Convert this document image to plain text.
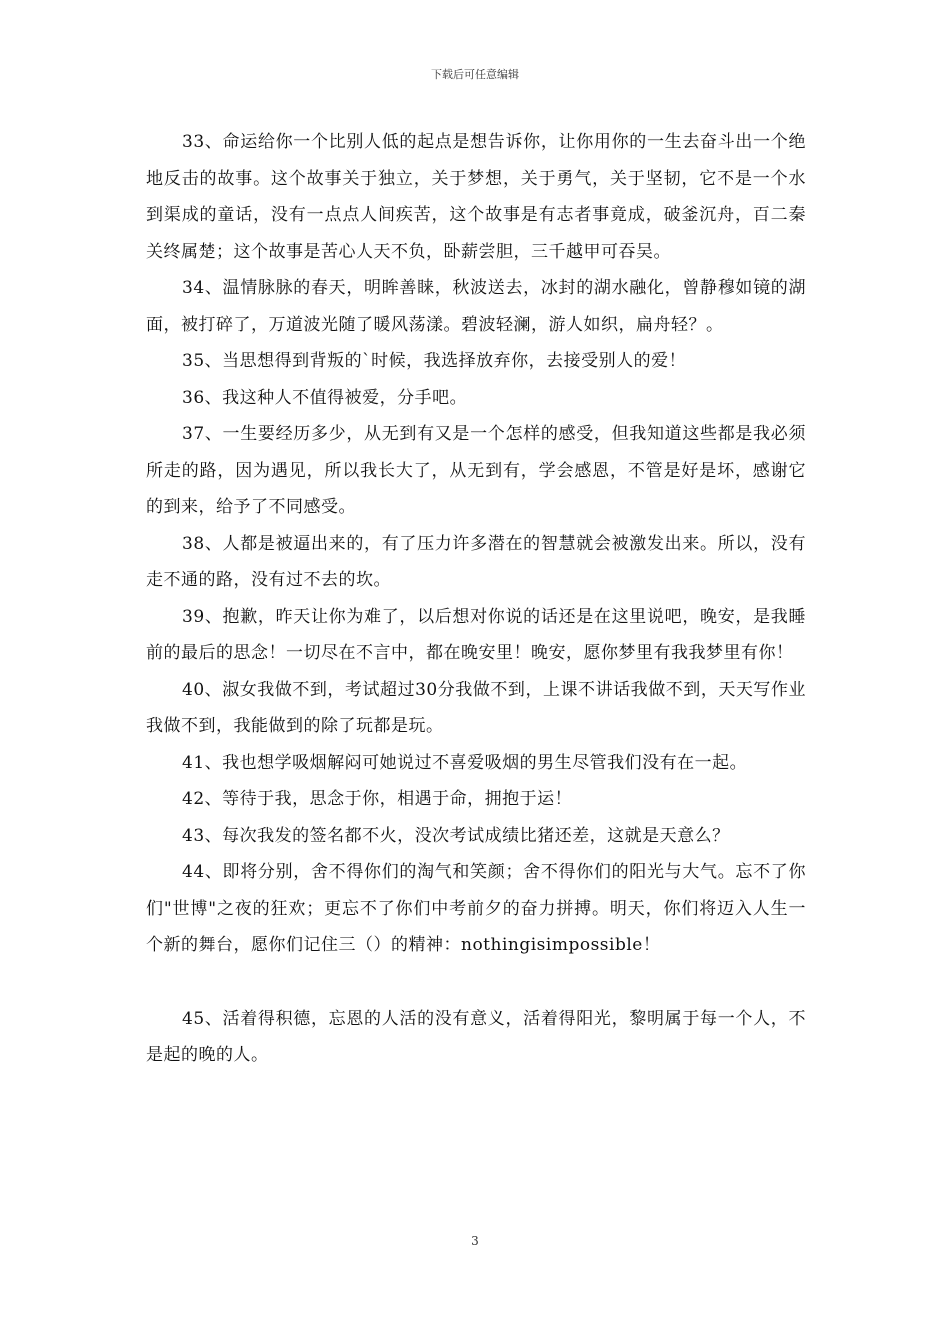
下载后可任意编辑

33、命运给你一个比别人低的起点是想告诉你，让你用你的一生去奋斗出一个绝地反击的故事。这个故事关于独立，关于梦想，关于勇气，关于坚韧，它不是一个水到渠成的童话，没有一点点人间疾苦，这个故事是有志者事竟成，破釜沉舟，百二秦关终属楚；这个故事是苦心人天不负，卧薪尝胆，三千越甲可吞吴。

34、温情脉脉的春天，明眸善睐，秋波送去，冰封的湖水融化，曾静穆如镜的湖面，被打碎了，万道波光随了暖风荡漾。碧波轻澜，游人如织，扁舟轻？。

35、当思想得到背叛的`时候，我选择放弃你，去接受别人的爱！

36、我这种人不值得被爱，分手吧。

37、一生要经历多少，从无到有又是一个怎样的感受，但我知道这些都是我必须所走的路，因为遇见，所以我长大了，从无到有，学会感恩，不管是好是坏，感谢它的到来，给予了不同感受。

38、人都是被逼出来的，有了压力许多潜在的智慧就会被激发出来。所以，没有走不通的路，没有过不去的坎。

39、抱歉，昨天让你为难了，以后想对你说的话还是在这里说吧，晚安，是我睡前的最后的思念！一切尽在不言中，都在晚安里！晚安，愿你梦里有我我梦里有你！

40、淑女我做不到，考试超过30分我做不到，上课不讲话我做不到，天天写作业我做不到，我能做到的除了玩都是玩。

41、我也想学吸烟解闷可她说过不喜爱吸烟的男生尽管我们没有在一起。

42、等待于我，思念于你，相遇于命，拥抱于运！

43、每次我发的签名都不火，没次考试成绩比猪还差，这就是天意么？

44、即将分别，舍不得你们的淘气和笑颜；舍不得你们的阳光与大气。忘不了你们"世博"之夜的狂欢；更忘不了你们中考前夕的奋力拼搏。明天，你们将迈入人生一个新的舞台，愿你们记住三（）的精神：nothingisimpossible！

45、活着得积德，忘恩的人活的没有意义，活着得阳光，黎明属于每一个人，不是起的晚的人。

3
